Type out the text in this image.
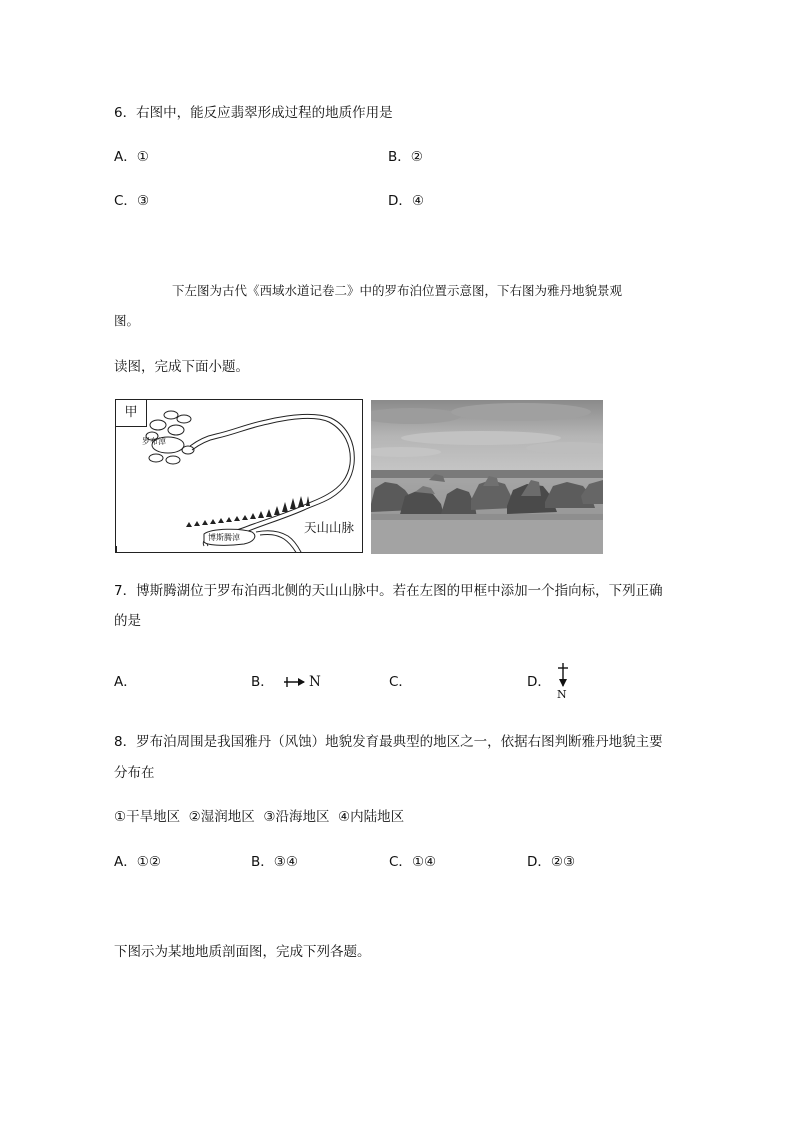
6．右图中，能反应翡翠形成过程的地质作用是
A．①	B．②
C．③	D．④
下左图为古代《西域水道记卷二》中的罗布泊位置示意图，下右图为雅丹地貌景观
图。
读图，完成下面小题。
甲
罗布淖
博斯腾淖
天山山脉
7．博斯腾湖位于罗布泊西北侧的天山山脉中。若在左图的甲框中添加一个指向标，下列正确
的是
A．	B．	N	C．	D．
N
8．罗布泊周围是我国雅丹（风蚀）地貌发育最典型的地区之一，依据右图判断雅丹地貌主要
分布在
①干旱地区  ②湿润地区  ③沿海地区  ④内陆地区
A．①②	B．③④	C．①④	D．②③
下图示为某地地质剖面图，完成下列各题。
